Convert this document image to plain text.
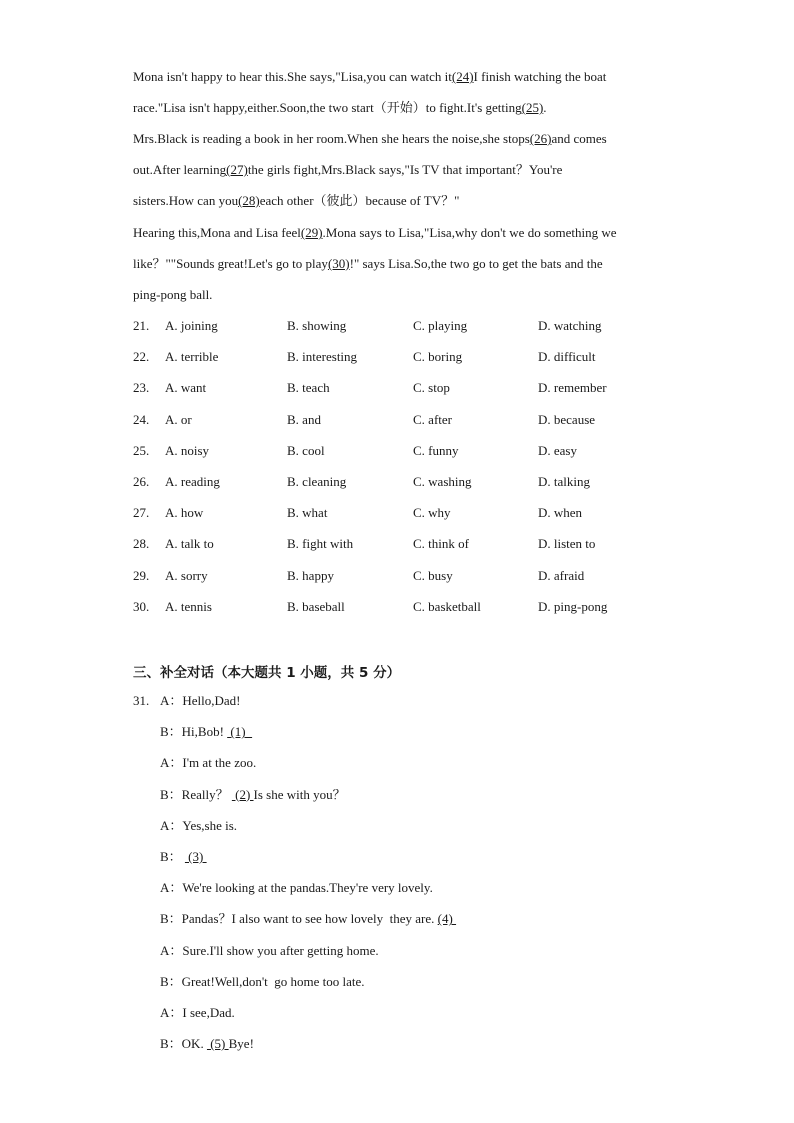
Mona isn't happy to hear this.She says,"Lisa,you can watch it(24)I finish watching the boat
race."Lisa isn't happy,either.Soon,the two start（开始）to fight.It's getting(25).
Mrs.Black is reading a book in her room.When she hears the noise,she stops(26)and comes
out.After learning(27)the girls fight,Mrs.Black says,"Is TV that important？You're
sisters.How can you(28)each other（彼此）because of TV？"
Hearing this,Mona and Lisa feel(29).Mona says to Lisa,"Lisa,why don't we do something we
like？""Sounds great!Let's go to play(30)!" says Lisa.So,the two go to get the bats and the
ping-pong ball.
21. A. joining	B. showing	C. playing	D. watching
22. A. terrible	B. interesting	C. boring	D. difficult
23. A. want	B. teach	C. stop	D. remember
24. A. or	B. and	C. after	D. because
25. A. noisy	B. cool	C. funny	D. easy
26. A. reading	B. cleaning	C. washing	D. talking
27. A. how	B. what	C. why	D. when
28. A. talk to	B. fight with	C. think of	D. listen to
29. A. sorry	B. happy	C. busy	D. afraid
30. A. tennis	B. baseball	C. basketball	D. ping-pong
三、补全对话（本大题共 1 小题，共 5 分）
31. A：Hello,Dad!
B：Hi,Bob!  (1)
A：I'm at the zoo.
B：Really？  (2) Is she with you？
A：Yes,she is.
B：  (3)
A：We're looking at the pandas.They're very lovely.
B：Pandas？I also want to see how lovely  they are. (4)
A：Sure.I'll show you after getting home.
B：Great!Well,don't  go home too late.
A：I see,Dad.
B：OK.  (5) Bye!
